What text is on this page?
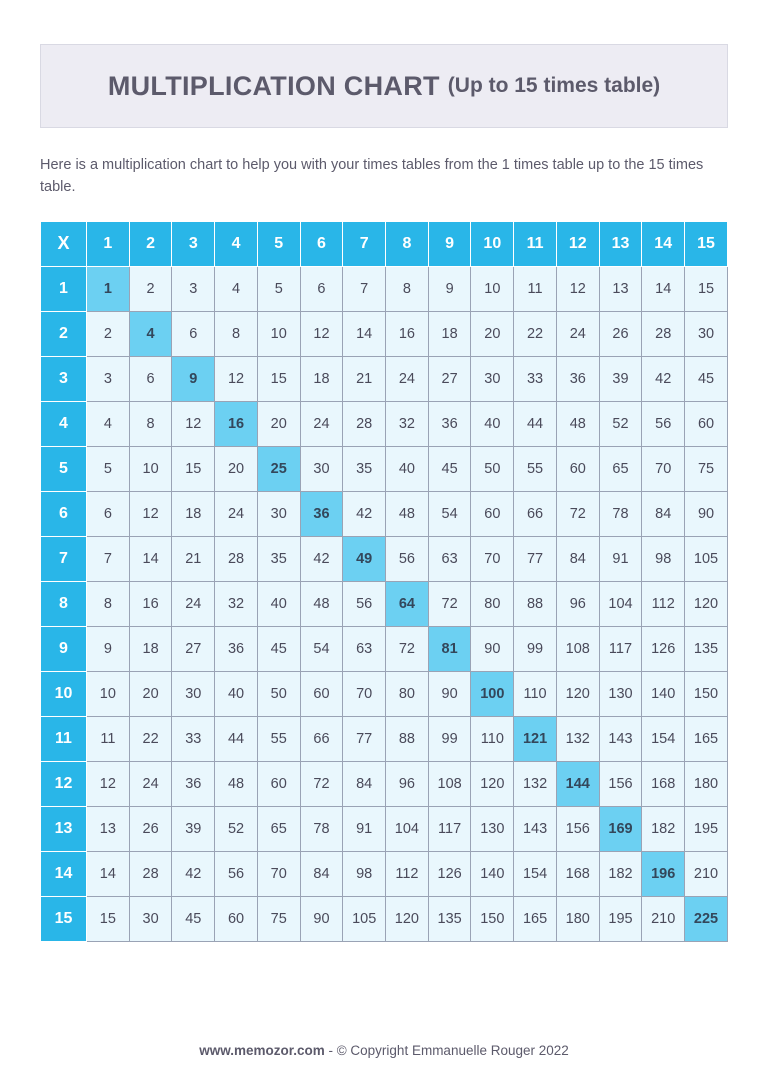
MULTIPLICATION CHART (Up to 15 times table)

Here is a multiplication chart to help you with your times tables from the 1 times table up to the 15 times table.

X	1	2	3	4	5	6	7	8	9	10	11	12	13	14	15
1	1	2	3	4	5	6	7	8	9	10	11	12	13	14	15
2	2	4	6	8	10	12	14	16	18	20	22	24	26	28	30
3	3	6	9	12	15	18	21	24	27	30	33	36	39	42	45
4	4	8	12	16	20	24	28	32	36	40	44	48	52	56	60
5	5	10	15	20	25	30	35	40	45	50	55	60	65	70	75
6	6	12	18	24	30	36	42	48	54	60	66	72	78	84	90
7	7	14	21	28	35	42	49	56	63	70	77	84	91	98	105
8	8	16	24	32	40	48	56	64	72	80	88	96	104	112	120
9	9	18	27	36	45	54	63	72	81	90	99	108	117	126	135
10	10	20	30	40	50	60	70	80	90	100	110	120	130	140	150
11	11	22	33	44	55	66	77	88	99	110	121	132	143	154	165
12	12	24	36	48	60	72	84	96	108	120	132	144	156	168	180
13	13	26	39	52	65	78	91	104	117	130	143	156	169	182	195
14	14	28	42	56	70	84	98	112	126	140	154	168	182	196	210
15	15	30	45	60	75	90	105	120	135	150	165	180	195	210	225
www.memozor.com - © Copyright Emmanuelle Rouger 2022
